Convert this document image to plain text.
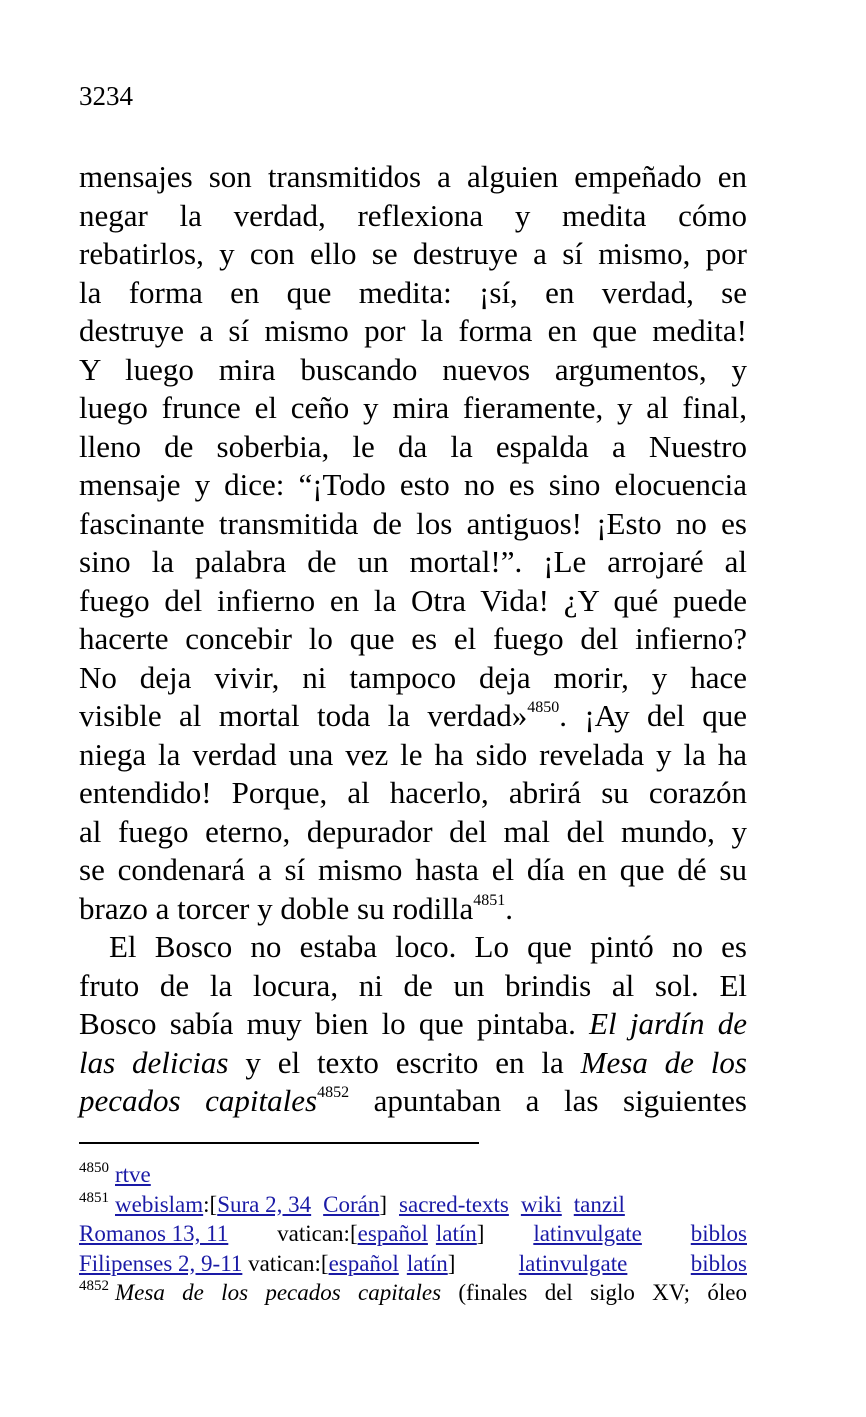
3234
mensajes son transmitidos a alguien empeñado en
negar la verdad, reflexiona y medita cómo
rebatirlos, y con ello se destruye a sí mismo, por
la forma en que medita: ¡sí, en verdad, se
destruye a sí mismo por la forma en que medita!
Y luego mira buscando nuevos argumentos, y
luego frunce el ceño y mira fieramente, y al final,
lleno de soberbia, le da la espalda a Nuestro
mensaje y dice: “¡Todo esto no es sino elocuencia
fascinante transmitida de los antiguos! ¡Esto no es
sino la palabra de un mortal!”. ¡Le arrojaré al
fuego del infierno en la Otra Vida! ¿Y qué puede
hacerte concebir lo que es el fuego del infierno?
No deja vivir, ni tampoco deja morir, y hace
visible al mortal toda la verdad»$^{4850}$. ¡Ay del que
niega la verdad una vez le ha sido revelada y la ha
entendido! Porque, al hacerlo, abrirá su corazón
al fuego eterno, depurador del mal del mundo, y
se condenará a sí mismo hasta el día en que dé su
brazo a torcer y doble su rodilla$^{4851}$.
El Bosco no estaba loco. Lo que pintó no es
fruto de la locura, ni de un brindis al sol. El
Bosco sabía muy bien lo que pintaba. El jardín de
las delicias y el texto escrito en la Mesa de los
pecados capitales$^{4852}$ apuntaban a las siguientes
$^{4850}$ rtve
$^{4851}$ webislam:[Sura 2, 34 Corán] sacred-texts wiki tanzil
Romanos 13, 11 vatican:[español latín] latinvulgate biblos
Filipenses 2, 9-11 vatican:[español latín]	latinvulgate	biblos
$^{4852}$ Mesa de los pecados capitales (finales del siglo XV; óleo
